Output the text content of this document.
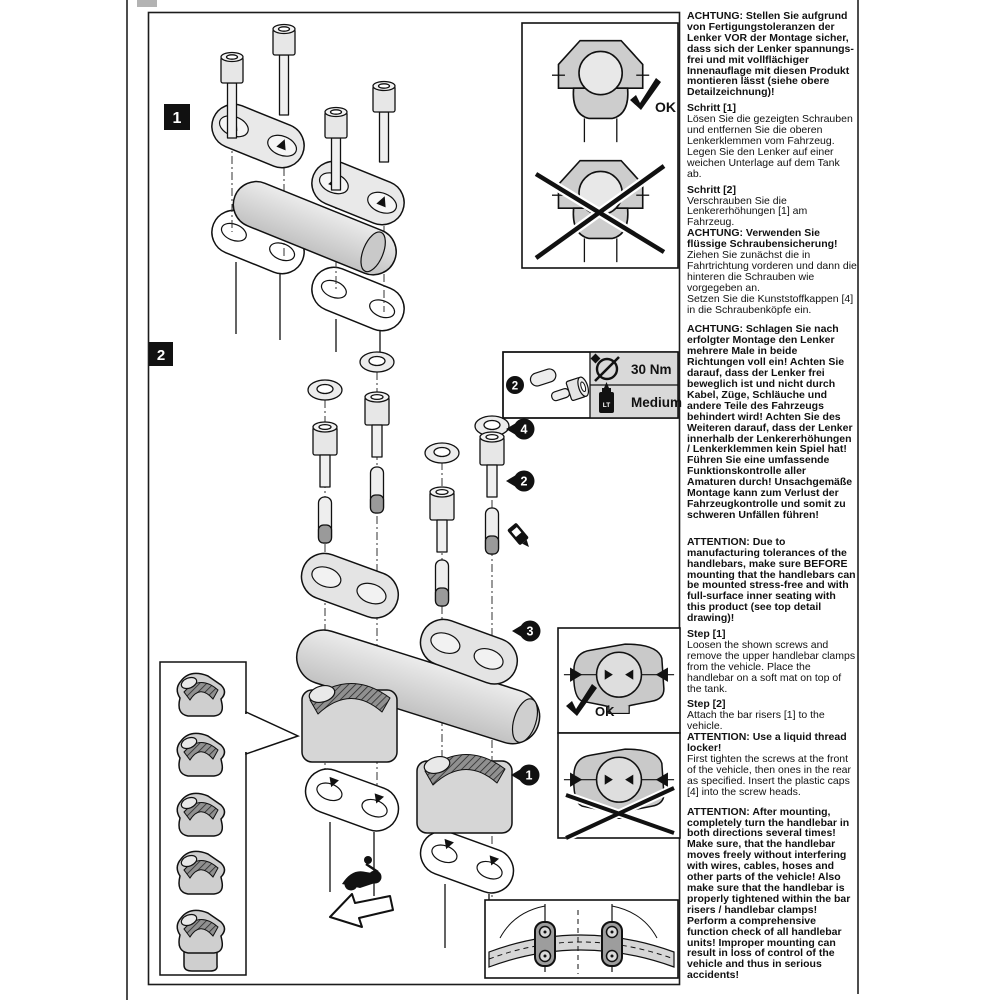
1
2
4
2
3
1
OK
2
30 Nm
LT Medium
OK

ACHTUNG: Stellen Sie aufgrund von Fertigungstoleranzen der Lenker VOR der Montage sicher, dass sich der Lenker spannungs-frei und mit vollflächiger Innenauflage mit diesen Produkt montieren lässt (siehe obere Detailzeichnung)!

Schritt [1]

Lösen Sie die gezeigten Schrauben und entfernen Sie die oberen Lenkerklemmen vom Fahrzeug. Legen Sie den Lenker auf einer weichen Unterlage auf dem Tank ab.

Schritt [2]

Verschrauben Sie die Lenkererhöhungen [1] am Fahrzeug.

ACHTUNG: Verwenden Sie flüssige Schraubensicherung!

Ziehen Sie zunächst die in Fahrtrichtung vorderen und dann die hinteren die Schrauben wie vorgegeben an.

Setzen Sie die Kunststoffkappen [4] in die Schraubenköpfe ein.

ACHTUNG: Schlagen Sie nach erfolgter Montage den Lenker mehrere Male in beide Richtungen voll ein! Achten Sie darauf, dass der Lenker frei beweglich ist und nicht durch Kabel, Züge, Schläuche und andere Teile des Fahrzeugs behindert wird! Achten Sie des Weiteren darauf, dass der Lenker innerhalb der Lenkererhöhungen / Lenkerklemmen kein Spiel hat! Führen Sie eine umfassende Funktionskontrolle aller Amaturen durch! Unsachgemäße Montage kann zum Verlust der Fahrzeugkontrolle und somit zu schweren Unfällen führen!

ATTENTION: Due to manufacturing tolerances of the handlebars, make sure BEFORE mounting that the handlebars can be mounted stress-free and with full-surface inner seating with this product (see top detail drawing)!

Step [1]

Loosen the shown screws and remove the upper handlebar clamps from the vehicle. Place the handlebar on a soft mat on top of the tank.

Step [2]

Attach the bar risers [1] to the vehicle.

ATTENTION: Use a liquid thread locker!

First tighten the screws at the front of the vehicle, then ones in the rear as specified. Insert the plastic caps [4] into the screw heads.

ATTENTION: After mounting, completely turn the handlebar in both directions several times! Make sure, that the handlebar moves freely without interfering with wires, cables, hoses and other parts of the vehicle! Also make sure that the handlebar is properly tightened within the bar risers / handlebar clamps! Perform a comprehensive function check of all handlebar units! Improper mounting can result in loss of control of the vehicle and thus in serious accidents!
